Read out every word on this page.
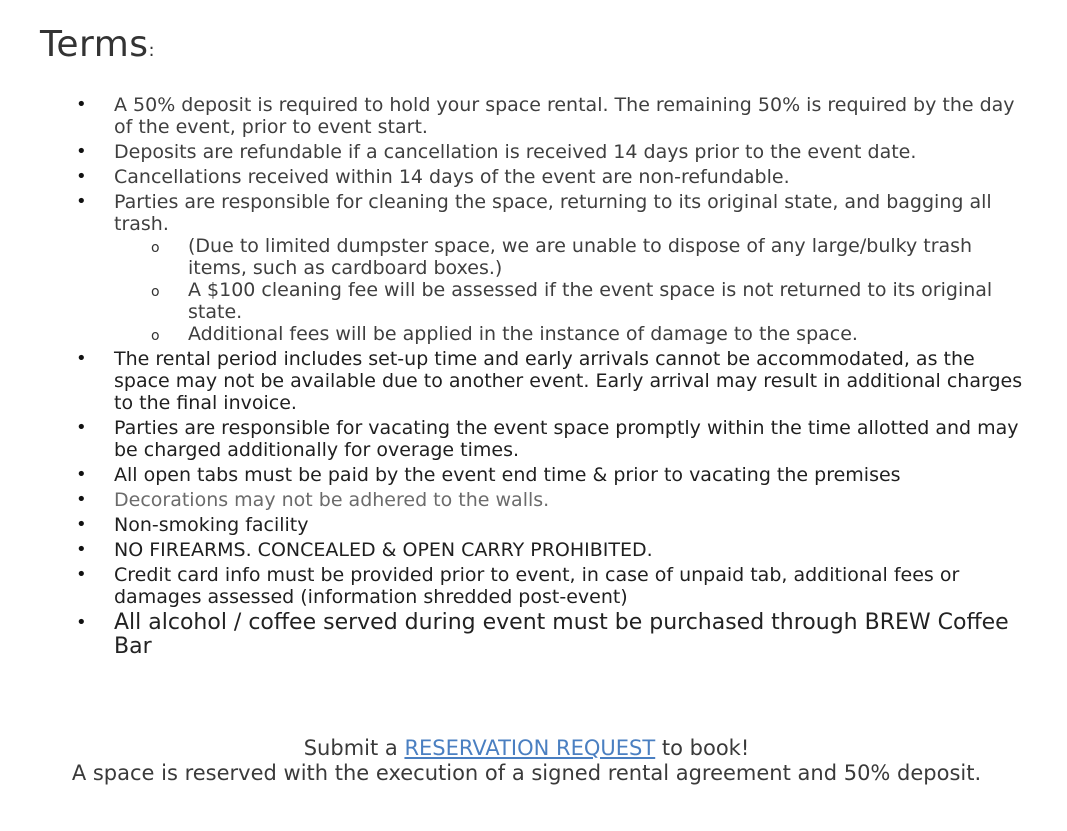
Terms:
• A 50% deposit is required to hold your space rental. The remaining 50% is required by the day of the event, prior to event start.
• Deposits are refundable if a cancellation is received 14 days prior to the event date.
• Cancellations received within 14 days of the event are non-refundable.
• Parties are responsible for cleaning the space, returning to its original state, and bagging all trash.
o (Due to limited dumpster space, we are unable to dispose of any large/bulky trash items, such as cardboard boxes.)
o A $100 cleaning fee will be assessed if the event space is not returned to its original state.
o Additional fees will be applied in the instance of damage to the space.
• The rental period includes set-up time and early arrivals cannot be accommodated, as the space may not be available due to another event. Early arrival may result in additional charges to the final invoice.
• Parties are responsible for vacating the event space promptly within the time allotted and may be charged additionally for overage times.
• All open tabs must be paid by the event end time & prior to vacating the premises
• Decorations may not be adhered to the walls.
• Non-smoking facility
• NO FIREARMS. CONCEALED & OPEN CARRY PROHIBITED.
• Credit card info must be provided prior to event, in case of unpaid tab, additional fees or damages assessed (information shredded post-event)
• All alcohol / coffee served during event must be purchased through BREW Coffee Bar
Submit a RESERVATION REQUEST to book!
A space is reserved with the execution of a signed rental agreement and 50% deposit.
